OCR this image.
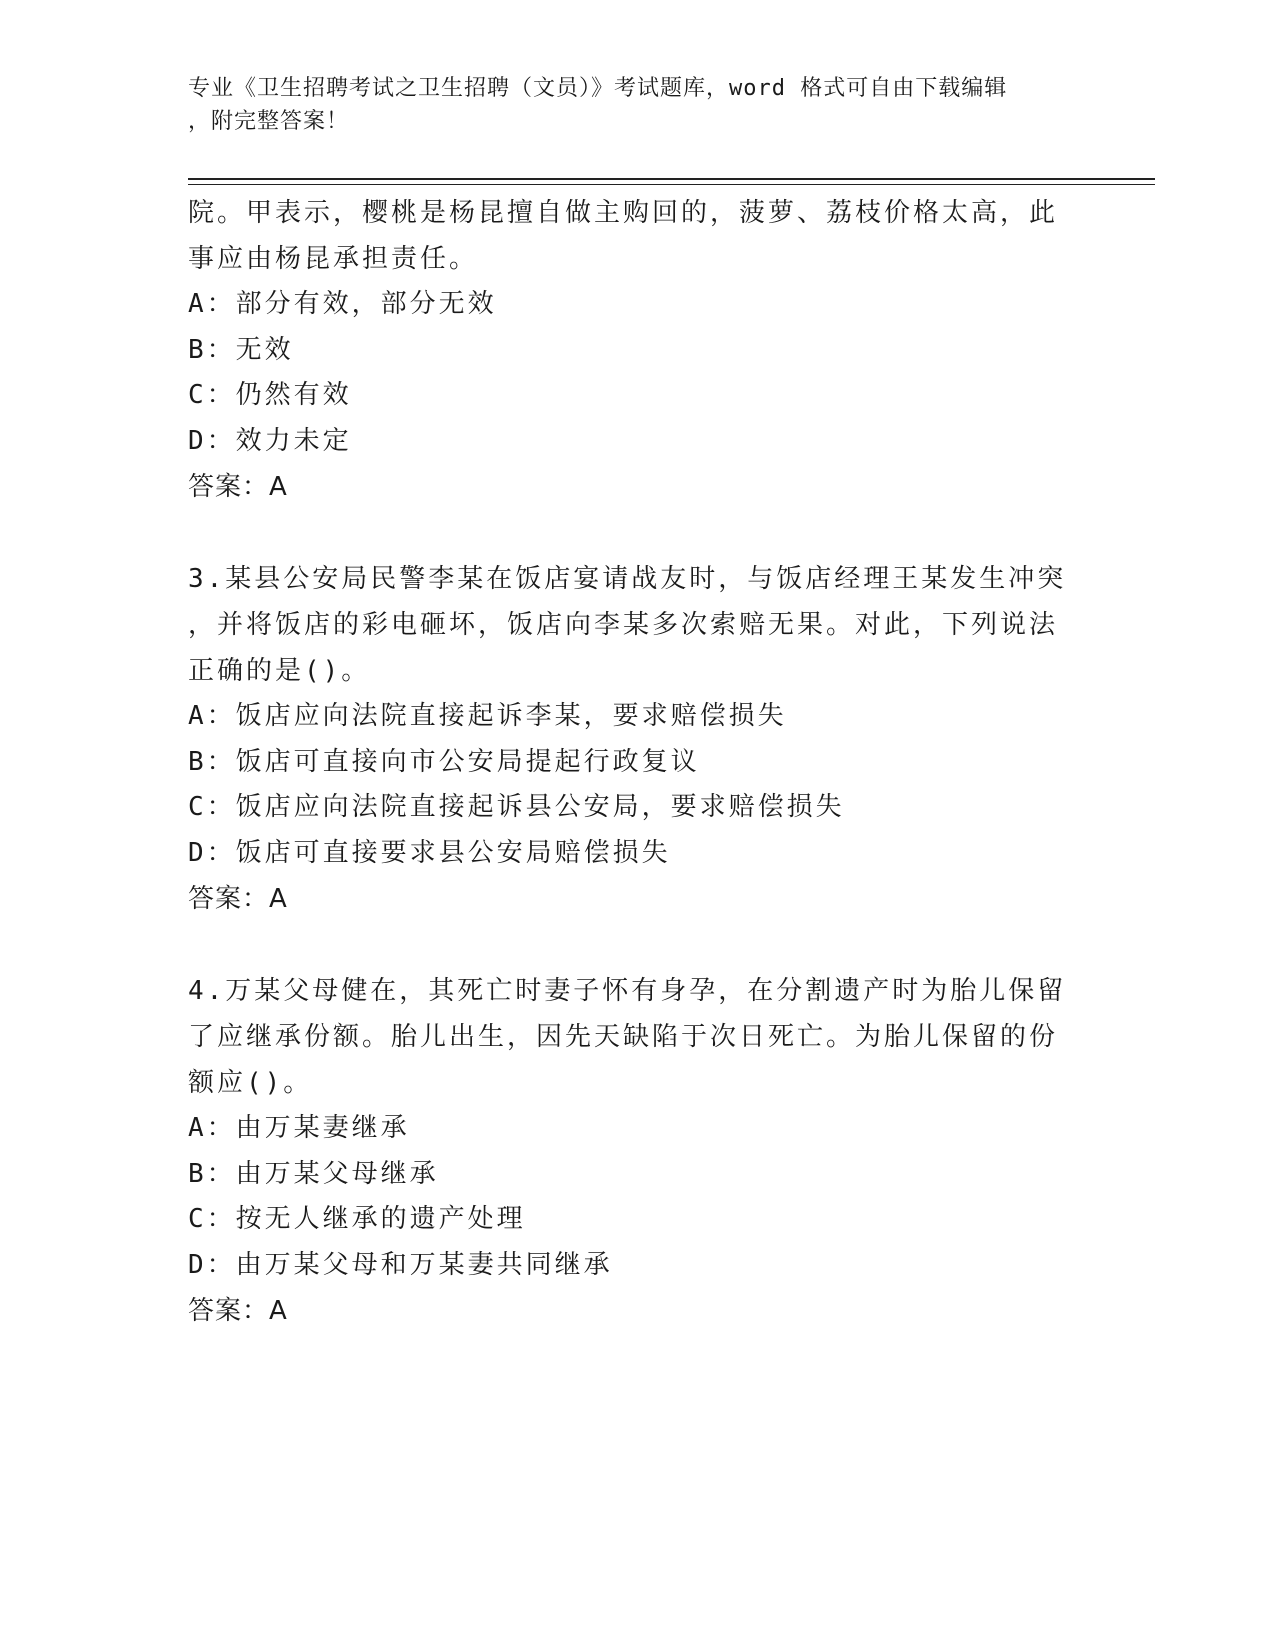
专业《卫生招聘考试之卫生招聘（文员）》考试题库，word 格式可自由下载编辑
，附完整答案！
院。甲表示，樱桃是杨昆擅自做主购回的，菠萝、荔枝价格太高，此
事应由杨昆承担责任。
A：部分有效，部分无效
B：无效
C：仍然有效
D：效力未定
答案：A
3.某县公安局民警李某在饭店宴请战友时，与饭店经理王某发生冲突
，并将饭店的彩电砸坏，饭店向李某多次索赔无果。对此，下列说法
正确的是()。
A：饭店应向法院直接起诉李某，要求赔偿损失
B：饭店可直接向市公安局提起行政复议
C：饭店应向法院直接起诉县公安局，要求赔偿损失
D：饭店可直接要求县公安局赔偿损失
答案：A
4.万某父母健在，其死亡时妻子怀有身孕，在分割遗产时为胎儿保留
了应继承份额。胎儿出生，因先天缺陷于次日死亡。为胎儿保留的份
额应()。
A：由万某妻继承
B：由万某父母继承
C：按无人继承的遗产处理
D：由万某父母和万某妻共同继承
答案：A
